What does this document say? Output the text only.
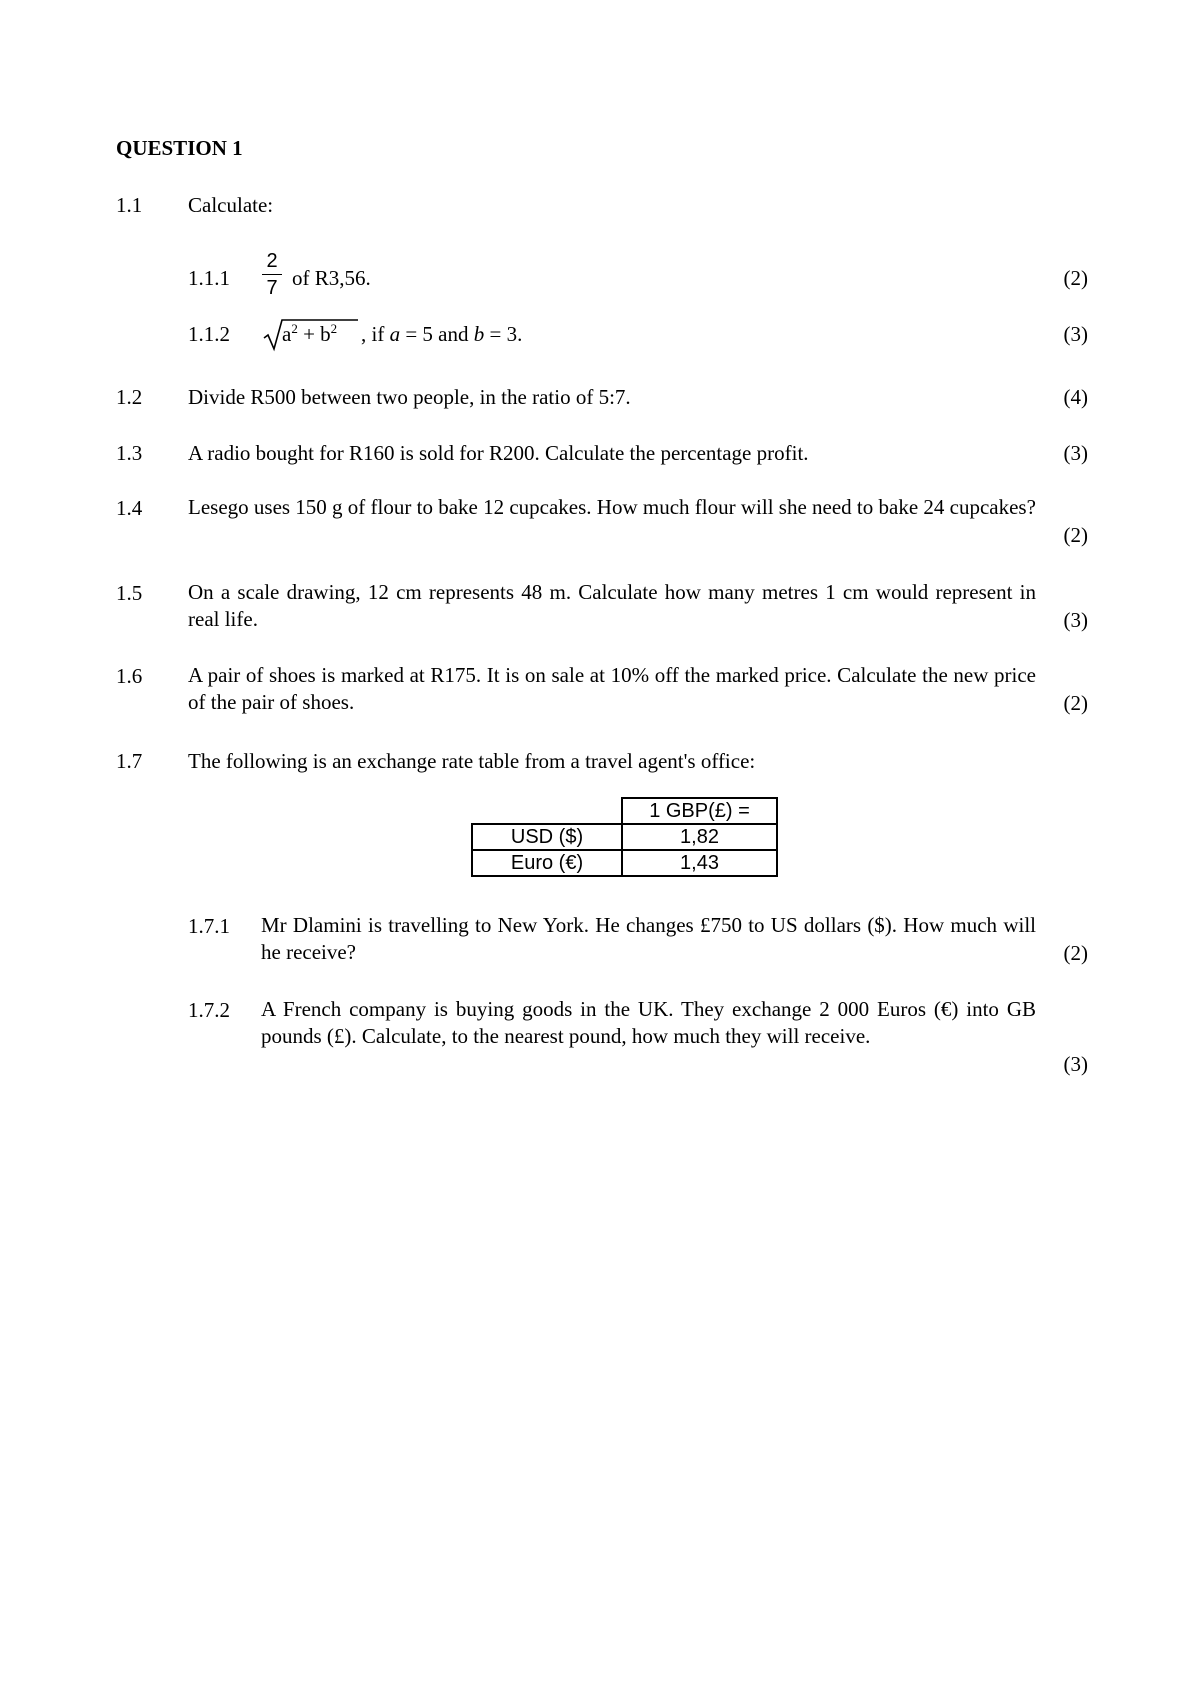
QUESTION 1
1.1 Calculate:
1.1.1
2
7 of R3,56.	(2)
1.1.2 $a^2 + b^2$ , if a = 5 and b = 3.	(3)
1.2 Divide R500 between two people, in the ratio of 5:7.	(4)
1.3 A radio bought for R160 is sold for R200. Calculate the percentage profit.	(3)
1.4 Lesego uses 150 g of flour to bake 12 cupcakes. How much flour will she need to bake 24 cupcakes?
(2)
1.5 On a scale drawing, 12 cm represents 48 m. Calculate how many metres 1 cm would represent in real life.	(3)
1.6 A pair of shoes is marked at R175. It is on sale at 10% off the marked price. Calculate the new price of the pair of shoes.	(2)
1.7 The following is an exchange rate table from a travel agent's office:
	1 GBP(£) =
USD ($)	1,82
Euro (€)	1,43
1.7.1 Mr Dlamini is travelling to New York. He changes £750 to US dollars ($). How much will he receive?	(2)
1.7.2 A French company is buying goods in the UK. They exchange 2 000 Euros (€) into GB pounds (£). Calculate, to the nearest pound, how much they will receive.
(3)
